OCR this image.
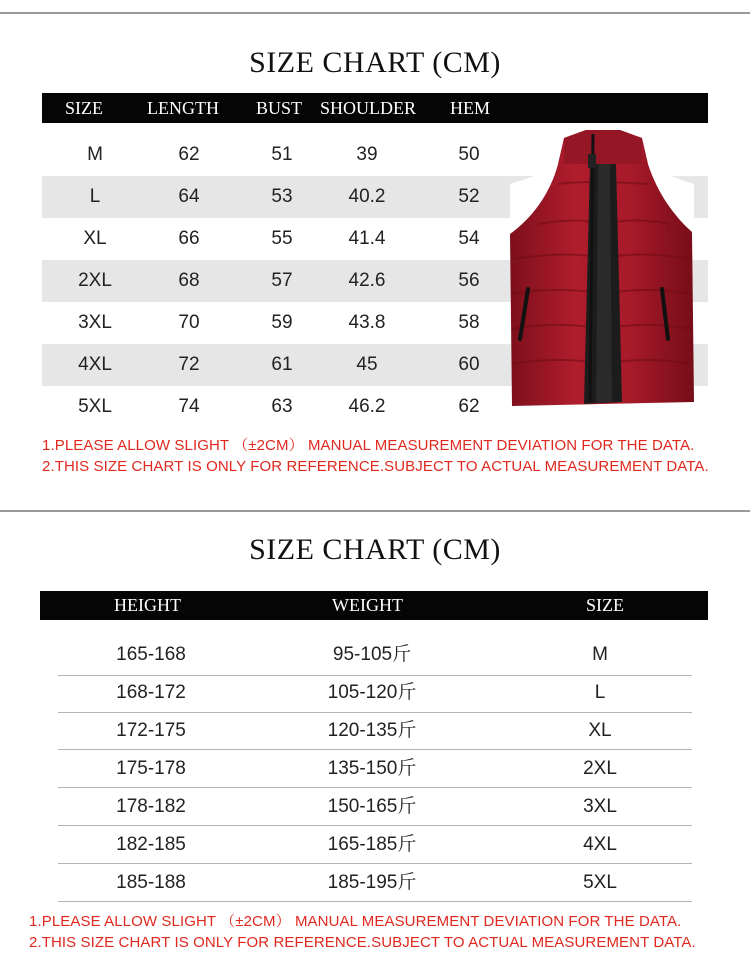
SIZE CHART (CM)
SIZE LENGTH BUST SHOULDER HEM
M	62	51	39	50
L	64	53	40.2	52
XL	66	55	41.4	54
2XL	68	57	42.6	56
3XL	70	59	43.8	58
4XL	72	61	45	60
5XL	74	63	46.2	62
1.PLEASE ALLOW SLIGHT （±2CM） MANUAL MEASUREMENT DEVIATION FOR THE DATA.
2.THIS SIZE CHART IS ONLY FOR REFERENCE.SUBJECT TO ACTUAL MEASUREMENT DATA.
SIZE CHART (CM)
HEIGHT	WEIGHT	SIZE
165-168	95-105斤	M
168-172	105-120斤	L
172-175	120-135斤	XL
175-178	135-150斤	2XL
178-182	150-165斤	3XL
182-185	165-185斤	4XL
185-188	185-195斤	5XL
1.PLEASE ALLOW SLIGHT （±2CM） MANUAL MEASUREMENT DEVIATION FOR THE DATA.
2.THIS SIZE CHART IS ONLY FOR REFERENCE.SUBJECT TO ACTUAL MEASUREMENT DATA.
